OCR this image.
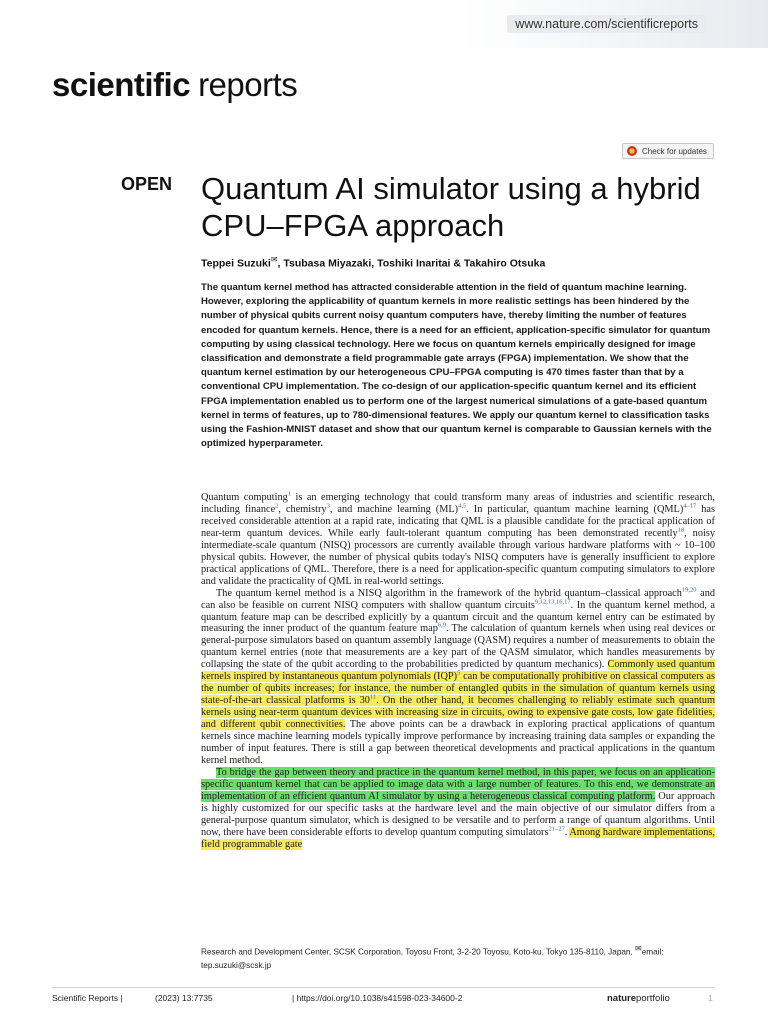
www.nature.com/scientificreports
scientific reports
Check for updates
OPEN Quantum AI simulator using a hybrid CPU–FPGA approach
Teppei Suzuki✉, Tsubasa Miyazaki, Toshiki Inaritai & Takahiro Otsuka

The quantum kernel method has attracted considerable attention in the field of quantum machine learning. However, exploring the applicability of quantum kernels in more realistic settings has been hindered by the number of physical qubits current noisy quantum computers have, thereby limiting the number of features encoded for quantum kernels. Hence, there is a need for an efficient, application-specific simulator for quantum computing by using classical technology. Here we focus on quantum kernels empirically designed for image classification and demonstrate a field programmable gate arrays (FPGA) implementation. We show that the quantum kernel estimation by our heterogeneous CPU–FPGA computing is 470 times faster than that by a conventional CPU implementation. The co-design of our application-specific quantum kernel and its efficient FPGA implementation enabled us to perform one of the largest numerical simulations of a gate-based quantum kernel in terms of features, up to 780-dimensional features. We apply our quantum kernel to classification tasks using the Fashion-MNIST dataset and show that our quantum kernel is comparable to Gaussian kernels with the optimized hyperparameter.

Quantum computing$^1$ is an emerging technology that could transform many areas of industries and scientific research, including finance$^2$, chemistry$^3$, and machine learning (ML)$^{4,5}$. In particular, quantum machine learning (QML)$^{4-17}$ has received considerable attention at a rapid rate, indicating that QML is a plausible candidate for the practical application of near-term quantum devices. While early fault-tolerant quantum computing has been demonstrated recently$^{18}$, noisy intermediate-scale quantum (NISQ) processors are currently available through various hardware platforms with ~ 10–100 physical qubits. However, the number of physical qubits today's NISQ computers have is generally insufficient to explore practical applications of QML. Therefore, there is a need for application-specific quantum computing simulators to explore and validate the practicality of QML in real-world settings.

The quantum kernel method is a NISQ algorithm in the framework of the hybrid quantum–classical approach$^{19,20}$ and can also be feasible on current NISQ computers with shallow quantum circuits$^{9,12,13,16,17}$. In the quantum kernel method, a quantum feature map can be described explicitly by a quantum circuit and the quantum kernel entry can be estimated by measuring the inner product of the quantum feature map$^{6,9}$. The calculation of quantum kernels when using real devices or general-purpose simulators based on quantum assembly language (QASM) requires a number of measurements to obtain the quantum kernel entries (note that measurements are a key part of the QASM simulator, which handles measurements by collapsing the state of the qubit according to the probabilities predicted by quantum mechanics). Commonly used quantum kernels inspired by instantaneous quantum polynomials (IQP)$^5$ can be computationally prohibitive on classical computers as the number of qubits increases; for instance, the number of entangled qubits in the simulation of quantum kernels using state-of-the-art classical platforms is $30^{11}$. On the other hand, it becomes challenging to reliably estimate such quantum kernels using near-term quantum devices with increasing size in circuits, owing to expensive gate costs, low gate fidelities, and different qubit connectivities. The above points can be a drawback in exploring practical applications of quantum kernels since machine learning models typically improve performance by increasing training data samples or expanding the number of input features. There is still a gap between theoretical developments and practical applications in the quantum kernel method.

To bridge the gap between theory and practice in the quantum kernel method, in this paper, we focus on an application-specific quantum kernel that can be applied to image data with a large number of features. To this end, we demonstrate an implementation of an efficient quantum AI simulator by using a heterogeneous classical computing platform. Our approach is highly customized for our specific tasks at the hardware level and the main objective of our simulator differs from a general-purpose quantum simulator, which is designed to be versatile and to perform a range of quantum algorithms. Until now, there have been considerable efforts to develop quantum computing simulators$^{21-27}$. Among hardware implementations, field programmable gate

Research and Development Center, SCSK Corporation, Toyosu Front, 3-2-20 Toyosu, Koto-ku, Tokyo 135-8110, Japan. ✉email: tep.suzuki@scsk.jp
Scientific Reports |	(2023) 13:7735	| https://doi.org/10.1038/s41598-023-34600-2	natureportfolio	1
